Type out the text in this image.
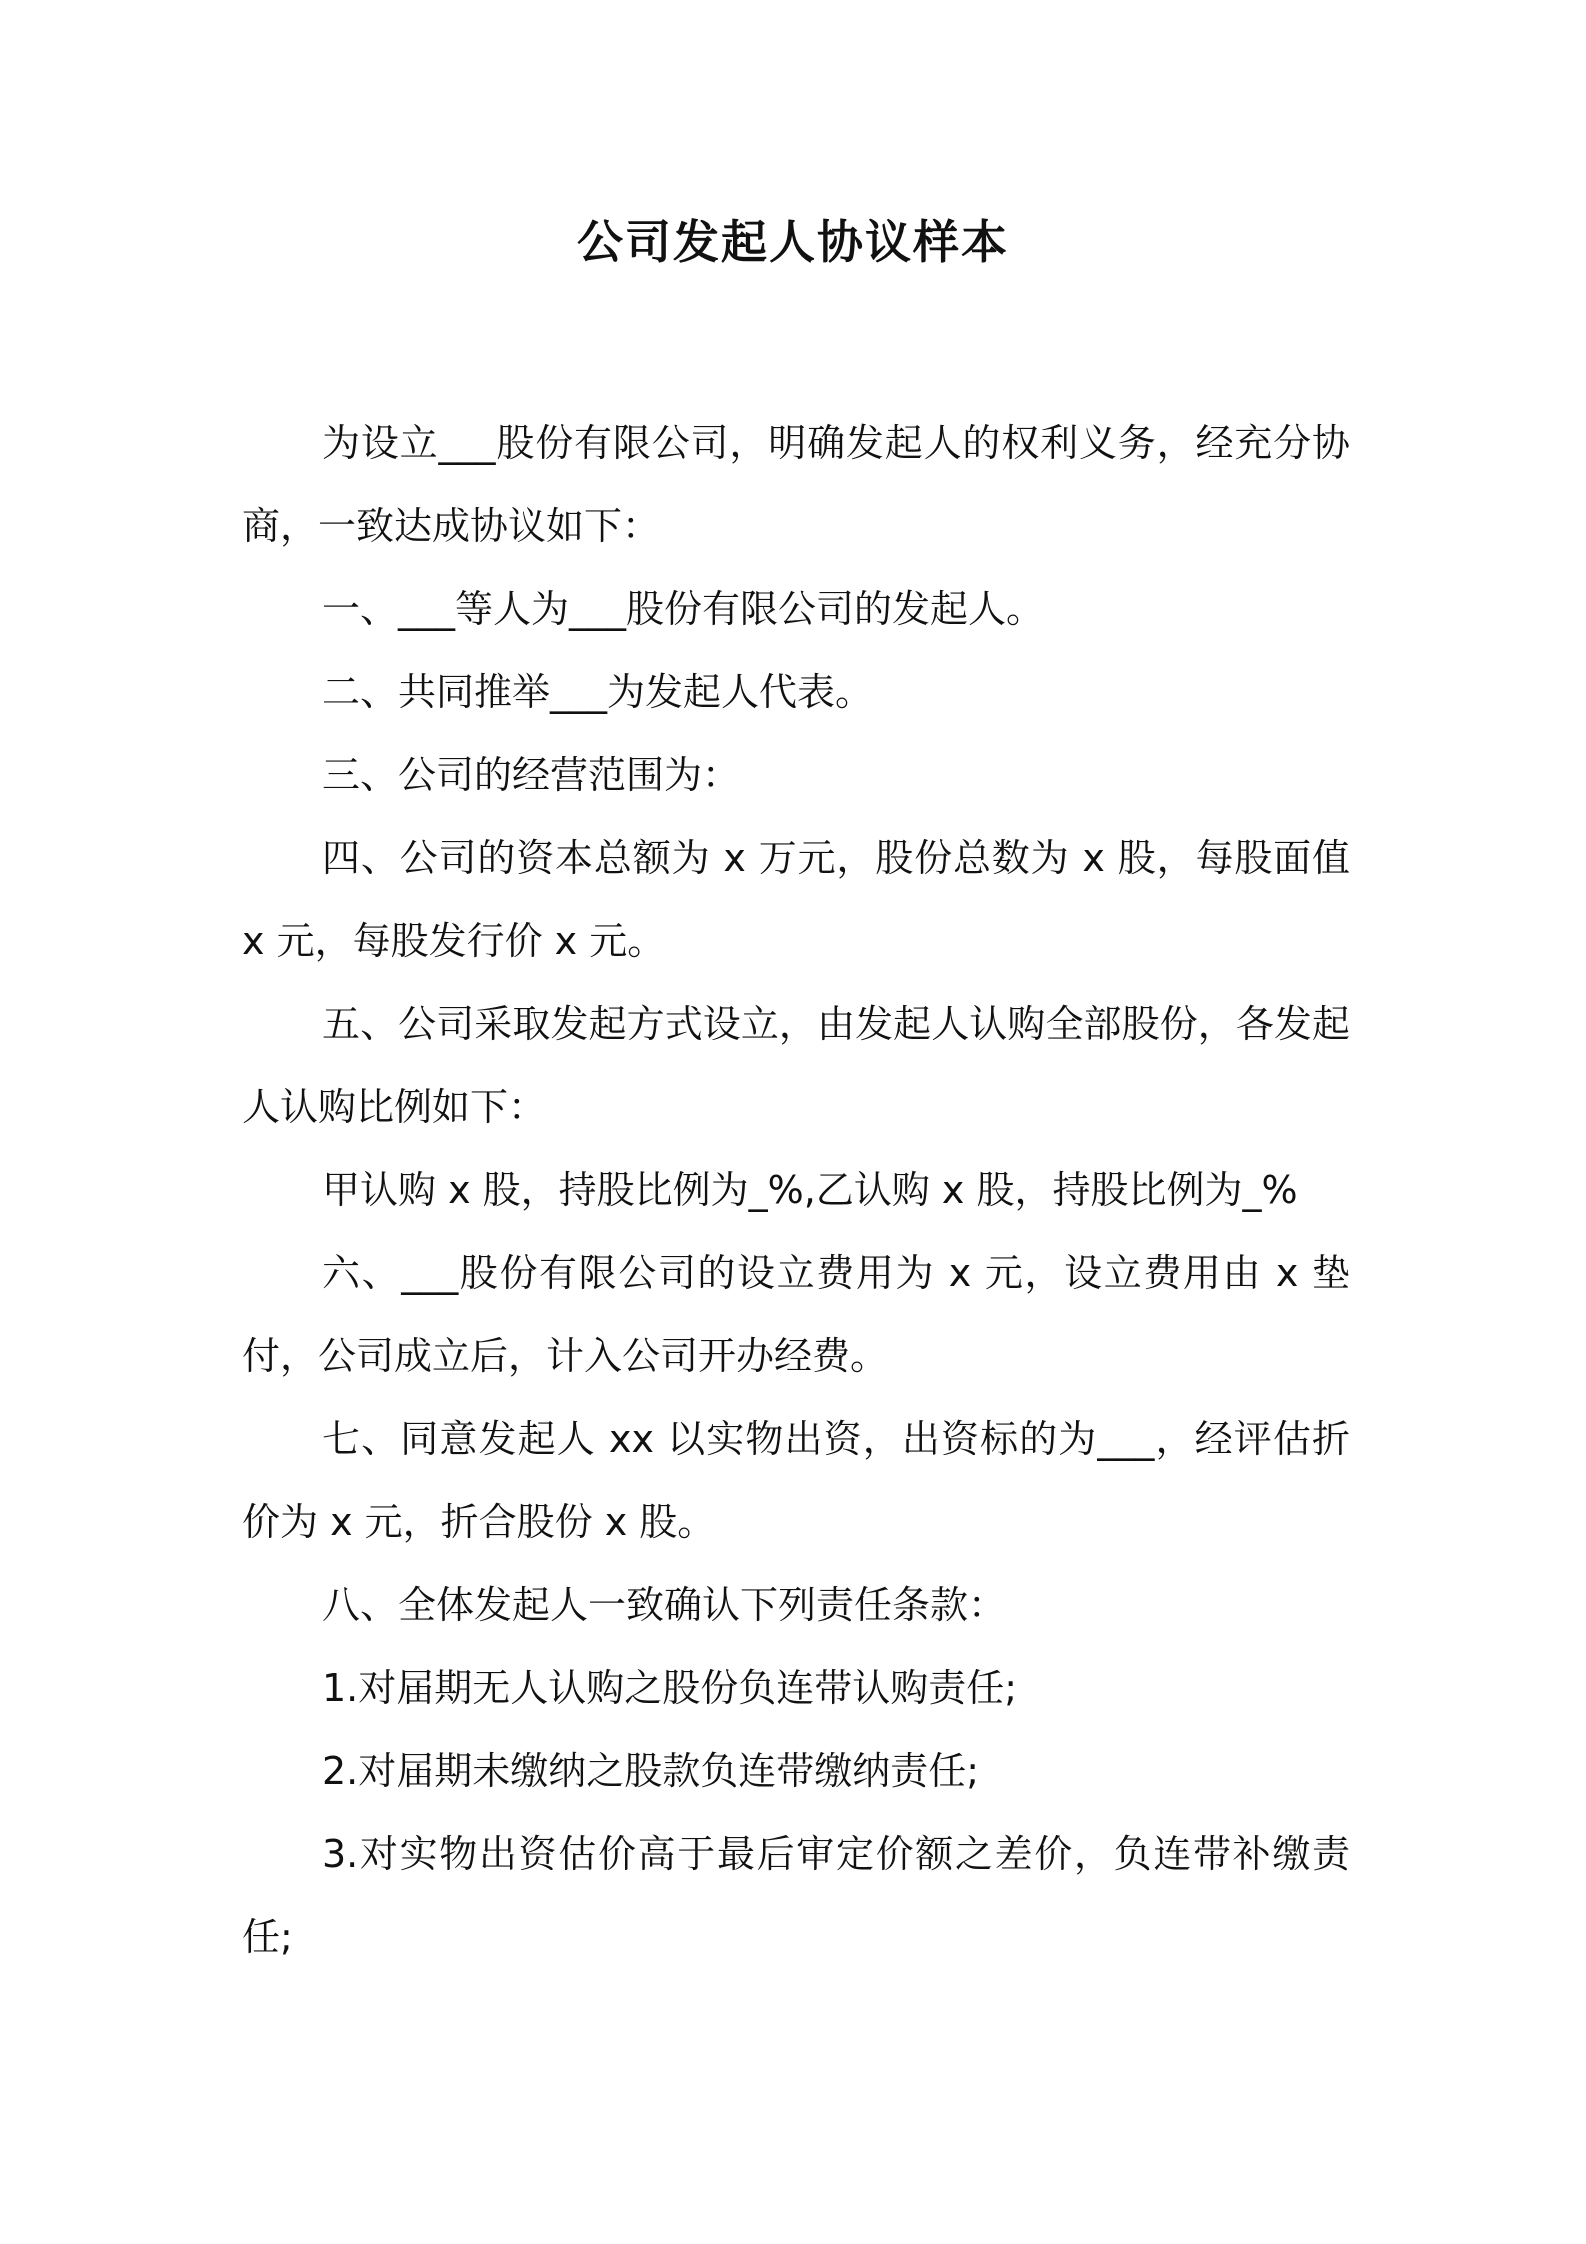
公司发起人协议样本

为设立___股份有限公司，明确发起人的权利义务，经充分协商，一致达成协议如下：

一、___等人为___股份有限公司的发起人。

二、共同推举___为发起人代表。

三、公司的经营范围为：

四、公司的资本总额为 x 万元，股份总数为 x 股，每股面值 x 元，每股发行价 x 元。

五、公司采取发起方式设立，由发起人认购全部股份，各发起人认购比例如下：

甲认购 x 股，持股比例为_%,乙认购 x 股，持股比例为_%

六、___股份有限公司的设立费用为 x 元，设立费用由 x 垫付，公司成立后，计入公司开办经费。

七、同意发起人 xx 以实物出资，出资标的为___，经评估折价为 x 元，折合股份 x 股。

八、全体发起人一致确认下列责任条款：

1.对届期无人认购之股份负连带认购责任;

2.对届期未缴纳之股款负连带缴纳责任;

3.对实物出资估价高于最后审定价额之差价，负连带补缴责任;
